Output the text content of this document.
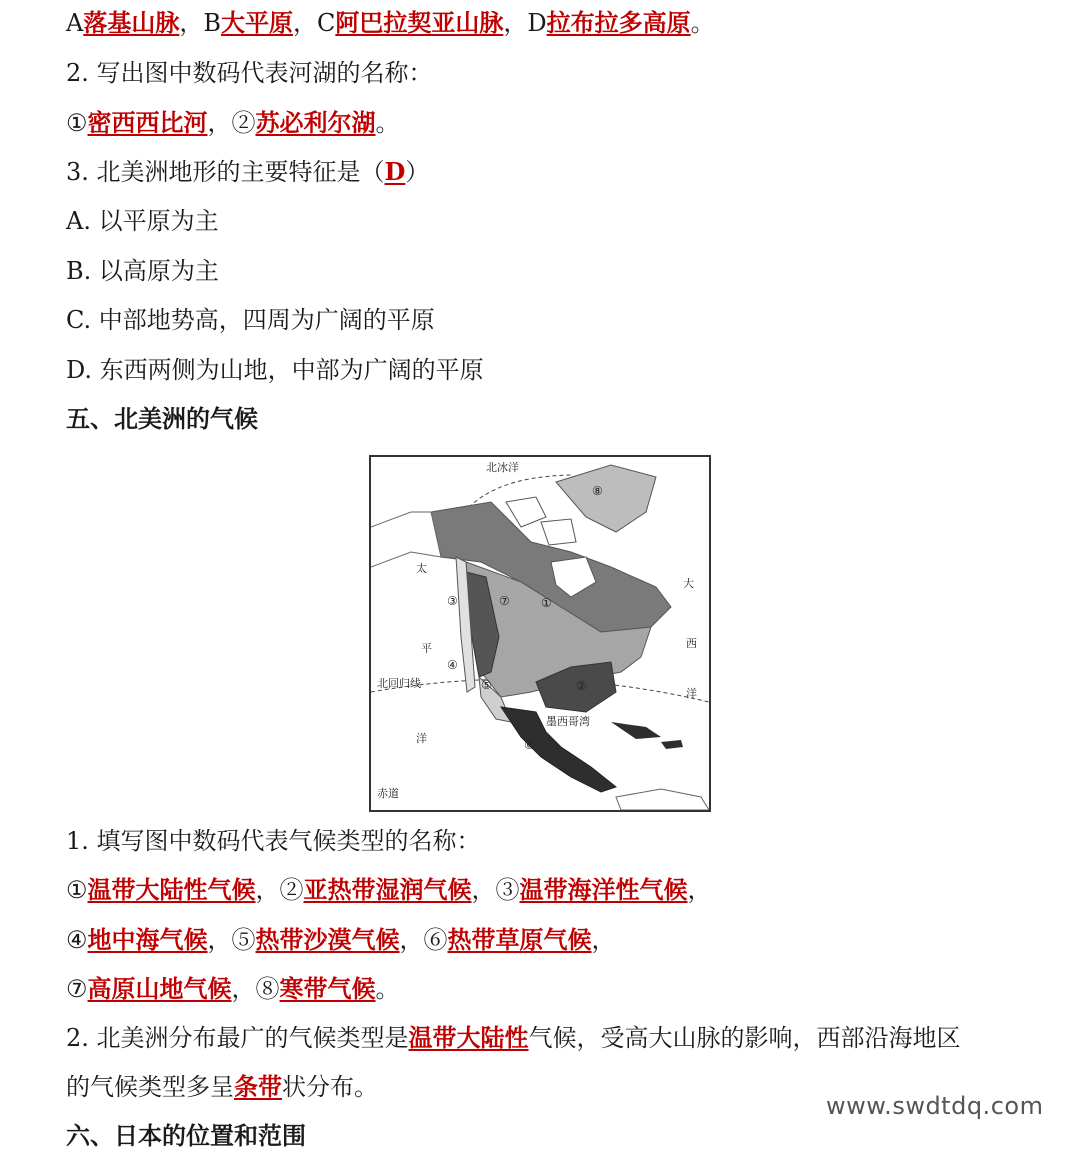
A落基山脉，B大平原，C阿巴拉契亚山脉，D拉布拉多高原。

2. 写出图中数码代表河湖的名称：

①密西西比河，②苏必利尔湖。

3. 北美洲地形的主要特征是（D）

A. 以平原为主

B. 以高原为主

C. 中部地势高，四周为广阔的平原

D. 东西两侧为山地，中部为广阔的平原

五、北美洲的气候

北冰洋
太
平
洋
大
西
洋
北回归线
墨西哥湾
赤道
①
②
③
④
⑤
⑥
⑦
⑧

1. 填写图中数码代表气候类型的名称：

①温带大陆性气候，②亚热带湿润气候，③温带海洋性气候，

④地中海气候，⑤热带沙漠气候，⑥热带草原气候，

⑦高原山地气候，⑧寒带气候。

2. 北美洲分布最广的气候类型是温带大陆性气候，受高大山脉的影响，西部沿海地区

的气候类型多呈条带状分布。

www.swdtdq.com

六、日本的位置和范围
